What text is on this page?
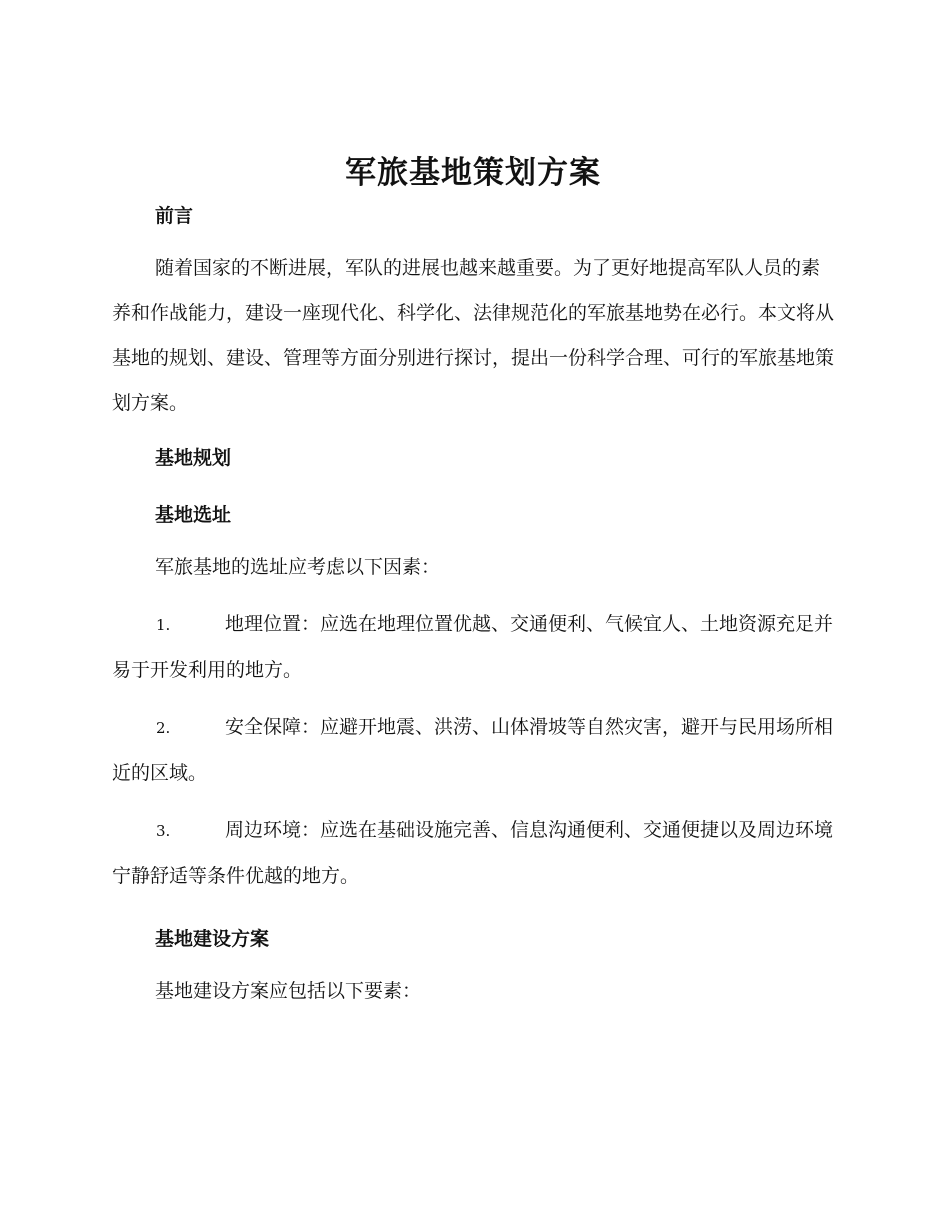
军旅基地策划方案
前言

随着国家的不断进展，军队的进展也越来越重要。为了更好地提高军队人员的素养和作战能力，建设一座现代化、科学化、法律规范化的军旅基地势在必行。本文将从基地的规划、建设、管理等方面分别进行探讨，提出一份科学合理、可行的军旅基地策划方案。

基地规划
基地选址

军旅基地的选址应考虑以下因素：

1.	地理位置：应选在地理位置优越、交通便利、气候宜人、土地资源充足并易于开发利用的地方。

2.	安全保障：应避开地震、洪涝、山体滑坡等自然灾害，避开与民用场所相近的区域。

3.	周边环境：应选在基础设施完善、信息沟通便利、交通便捷以及周边环境宁静舒适等条件优越的地方。

基地建设方案

基地建设方案应包括以下要素：
